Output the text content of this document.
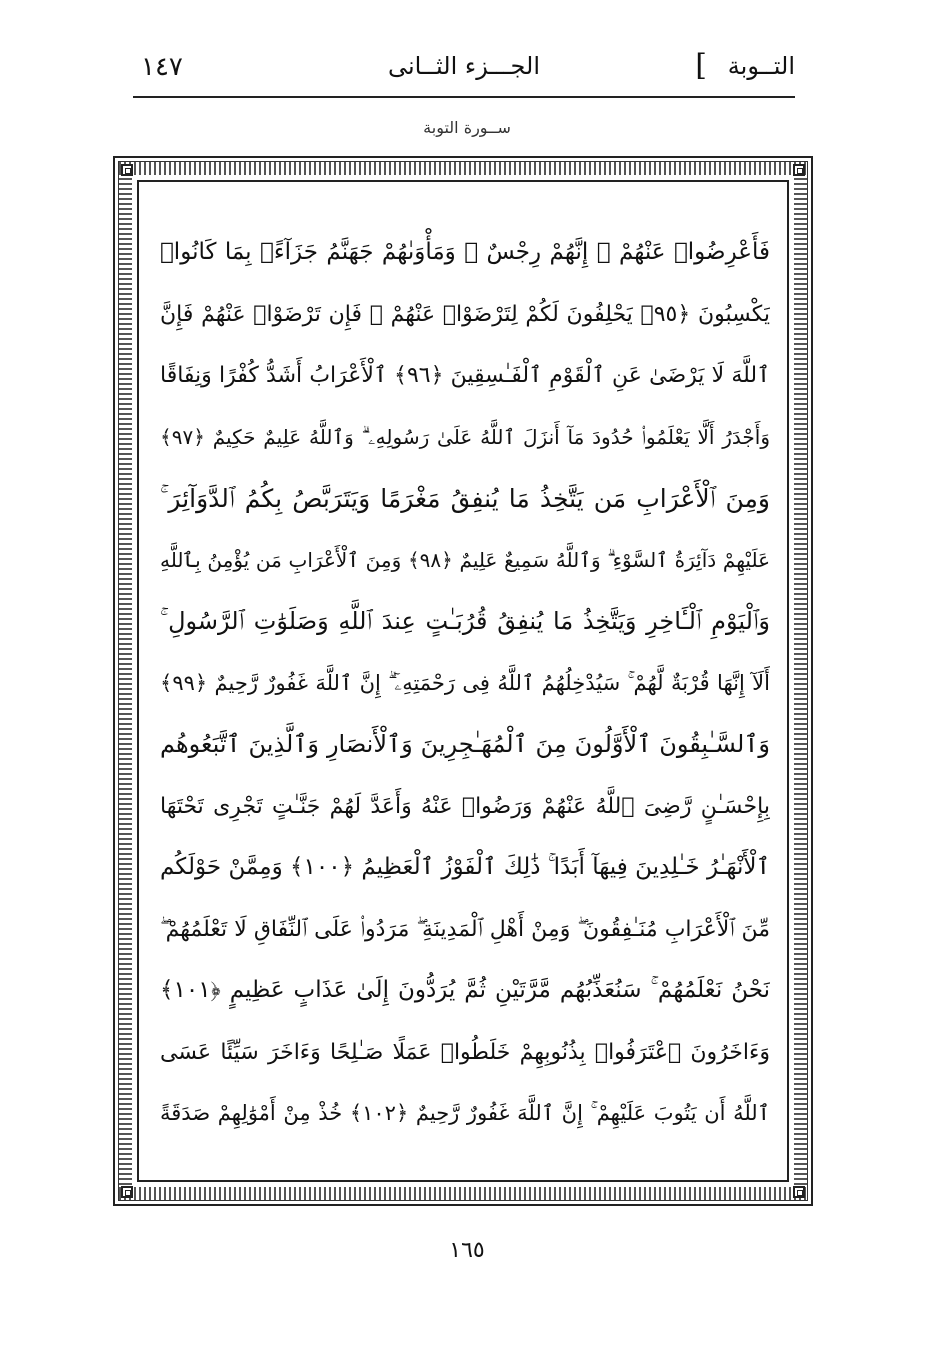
التــوبة
]
الجـــزء الثــانى
١٤٧
ســورة التوبة
فَأَعْرِضُوا۟ عَنْهُمْ ۖ إِنَّهُمْ رِجْسٌ ۖ وَمَأْوَىٰهُمْ جَهَنَّمُ جَزَآءًۢ بِمَا كَانُوا۟
يَكْسِبُونَ ﴿٩٥﴾ يَحْلِفُونَ لَكُمْ لِتَرْضَوْا۟ عَنْهُمْ ۖ فَإِن تَرْضَوْا۟ عَنْهُمْ فَإِنَّ
ٱللَّهَ لَا يَرْضَىٰ عَنِ ٱلْقَوْمِ ٱلْفَـٰسِقِينَ ﴿٩٦﴾ ٱلْأَعْرَابُ أَشَدُّ كُفْرًا وَنِفَاقًا
وَأَجْدَرُ أَلَّا يَعْلَمُوا۟ حُدُودَ مَآ أَنزَلَ ٱللَّهُ عَلَىٰ رَسُولِهِۦ ۗ وَٱللَّهُ عَلِيمٌ حَكِيمٌ ﴿٩٧﴾
وَمِنَ ٱلْأَعْرَابِ مَن يَتَّخِذُ مَا يُنفِقُ مَغْرَمًا وَيَتَرَبَّصُ بِكُمُ ٱلدَّوَآئِرَ ۚ
عَلَيْهِمْ دَآئِرَةُ ٱلسَّوْءِ ۗ وَٱللَّهُ سَمِيعٌ عَلِيمٌ ﴿٩٨﴾ وَمِنَ ٱلْأَعْرَابِ مَن يُؤْمِنُ بِٱللَّهِ
وَٱلْيَوْمِ ٱلْـَٔاخِرِ وَيَتَّخِذُ مَا يُنفِقُ قُرُبَـٰتٍ عِندَ ٱللَّهِ وَصَلَوَٰتِ ٱلرَّسُولِ ۚ
أَلَآ إِنَّهَا قُرْبَةٌ لَّهُمْ ۚ سَيُدْخِلُهُمُ ٱللَّهُ فِى رَحْمَتِهِۦٓ ۗ إِنَّ ٱللَّهَ غَفُورٌ رَّحِيمٌ ﴿٩٩﴾
وَٱلسَّـٰبِقُونَ ٱلْأَوَّلُونَ مِنَ ٱلْمُهَـٰجِرِينَ وَٱلْأَنصَارِ وَٱلَّذِينَ ٱتَّبَعُوهُم
بِإِحْسَـٰنٍ رَّضِىَ ٱللَّهُ عَنْهُمْ وَرَضُوا۟ عَنْهُ وَأَعَدَّ لَهُمْ جَنَّـٰتٍ تَجْرِى تَحْتَهَا
ٱلْأَنْهَـٰرُ خَـٰلِدِينَ فِيهَآ أَبَدًا ۚ ذَٰلِكَ ٱلْفَوْزُ ٱلْعَظِيمُ ﴿١٠٠﴾ وَمِمَّنْ حَوْلَكُم
مِّنَ ٱلْأَعْرَابِ مُنَـٰفِقُونَ ۖ وَمِنْ أَهْلِ ٱلْمَدِينَةِ ۖ مَرَدُوا۟ عَلَى ٱلنِّفَاقِ لَا تَعْلَمُهُمْ ۖ
نَحْنُ نَعْلَمُهُمْ ۚ سَنُعَذِّبُهُم مَّرَّتَيْنِ ثُمَّ يُرَدُّونَ إِلَىٰ عَذَابٍ عَظِيمٍ ﴿١٠١﴾
وَءَاخَرُونَ ٱعْتَرَفُوا۟ بِذُنُوبِهِمْ خَلَطُوا۟ عَمَلًا صَـٰلِحًا وَءَاخَرَ سَيِّئًا عَسَى
ٱللَّهُ أَن يَتُوبَ عَلَيْهِمْ ۚ إِنَّ ٱللَّهَ غَفُورٌ رَّحِيمٌ ﴿١٠٢﴾ خُذْ مِنْ أَمْوَٰلِهِمْ صَدَقَةً
١٦٥
